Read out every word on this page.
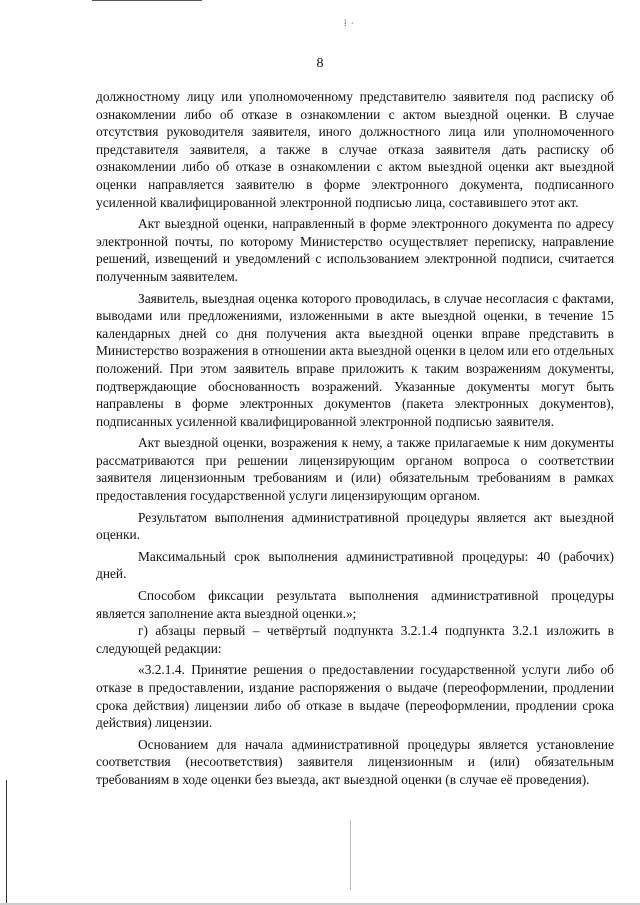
⁞ ·
8

должностному лицу или уполномоченному представителю заявителя под расписку об ознакомлении либо об отказе в ознакомлении с актом выездной оценки. В случае отсутствия руководителя заявителя, иного должностного лица или уполномоченного представителя заявителя, а также в случае отказа заявителя дать расписку об ознакомлении либо об отказе в ознакомлении с актом выездной оценки акт выездной оценки направляется заявителю в форме электронного документа, подписанного усиленной квалифицированной электронной подписью лица, составившего этот акт.

Акт выездной оценки, направленный в форме электронного документа по адресу электронной почты, по которому Министерство осуществляет переписку, направление решений, извещений и уведомлений с использованием электронной подписи, считается полученным заявителем.

Заявитель, выездная оценка которого проводилась, в случае несогласия с фактами, выводами или предложениями, изложенными в акте выездной оценки, в течение 15 календарных дней со дня получения акта выездной оценки вправе представить в Министерство возражения в отношении акта выездной оценки в целом или его отдельных положений. При этом заявитель вправе приложить к таким возражениям документы, подтверждающие обоснованность возражений. Указанные документы могут быть направлены в форме электронных документов (пакета электронных документов), подписанных усиленной квалифицированной электронной подписью заявителя.

Акт выездной оценки, возражения к нему, а также прилагаемые к ним документы рассматриваются при решении лицензирующим органом вопроса о соответствии заявителя лицензионным требованиям и (или) обязательным требованиям в рамках предоставления государственной услуги лицензирующим органом.

Результатом выполнения административной процедуры является акт выездной оценки.

Максимальный срок выполнения административной процедуры: 40 (рабочих) дней.

Способом фиксации результата выполнения административной процедуры является заполнение акта выездной оценки.»;

г) абзацы первый – четвёртый подпункта 3.2.1.4 подпункта 3.2.1 изложить в следующей редакции:

«3.2.1.4. Принятие решения о предоставлении государственной услуги либо об отказе в предоставлении, издание распоряжения о выдаче (переоформлении, продлении срока действия) лицензии либо об отказе в выдаче (переоформлении, продлении срока действия) лицензии.

Основанием для начала административной процедуры является установление соответствия (несоответствия) заявителя лицензионным и (или) обязательным требованиям в ходе оценки без выезда, акт выездной оценки (в случае её проведения).
